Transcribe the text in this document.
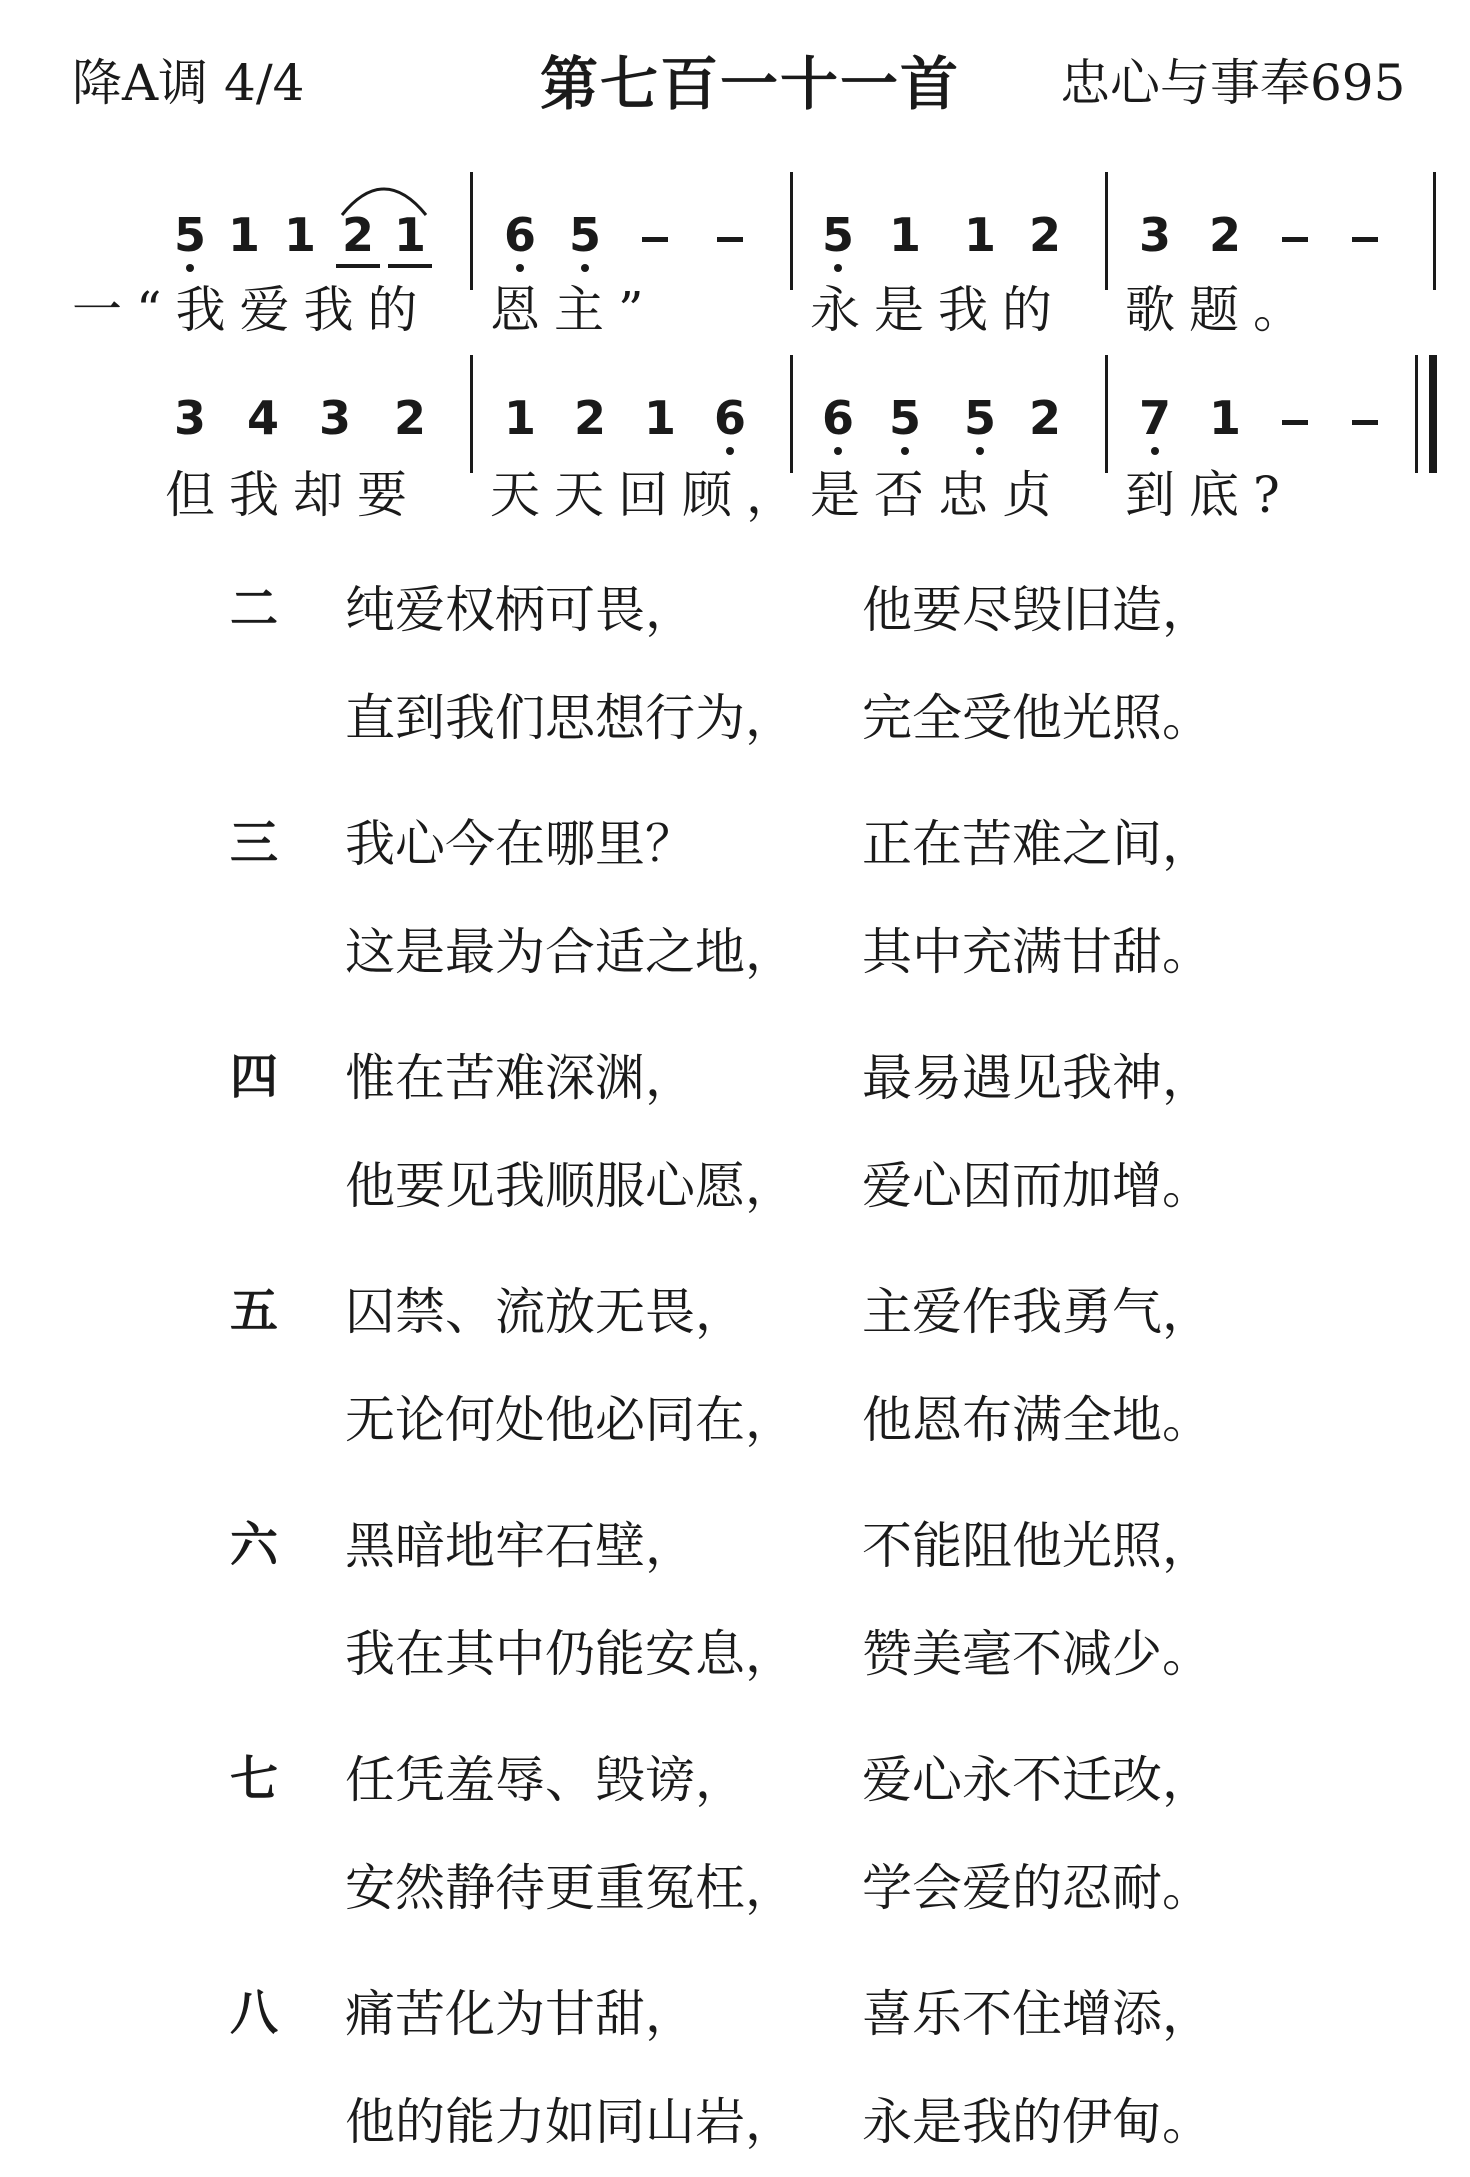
降A调 4/4	第七百一十一首 忠心与事奉695
5 1 1 2 1 6 5	5 1 1 2 3 2
一“我爱我的 恩主”	永是我的 歌题。
3 4 3 2 1 2 1 6 6 5 5 2 7 1
但我却要 天天回顾， 是否忠贞 到底?
二 纯爱权柄可畏，	他要尽毁旧造，
直到我们思想行为， 完全受他光照。
三 我心今在哪里？	正在苦难之间，
这是最为合适之地， 其中充满甘甜。
四 惟在苦难深渊，	最易遇见我神，
他要见我顺服心愿， 爱心因而加增。
五 囚禁、流放无畏， 主爱作我勇气，
无论何处他必同在， 他恩布满全地。
六 黑暗地牢石壁，	不能阻他光照，
我在其中仍能安息， 赞美毫不减少。
七 任凭羞辱、毁谤， 爱心永不迁改，
安然静待更重冤枉， 学会爱的忍耐。
八 痛苦化为甘甜，	喜乐不住增添，
他的能力如同山岩， 永是我的伊甸。
